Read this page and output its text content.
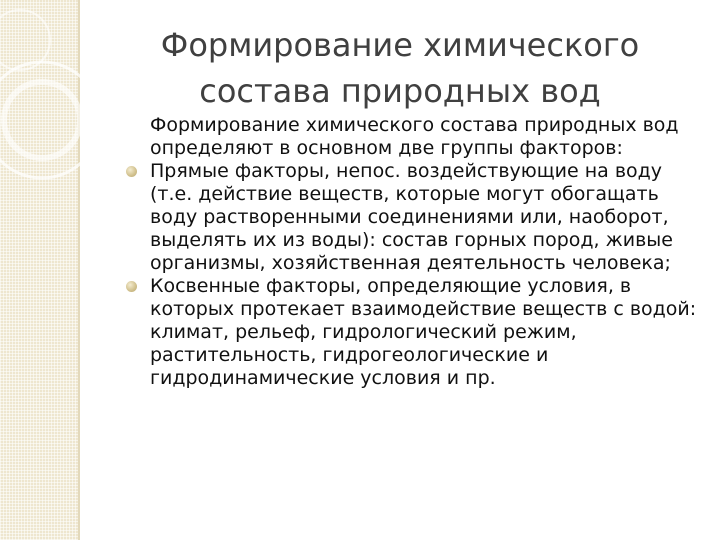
Формирование химического
состава природных вод

Формирование химического состава природных вод определяют в основном две группы факторов:

Прямые факторы, непос. воздействующие на воду (т.е. действие веществ, которые могут обогащать воду растворенными соединениями или, наоборот, выделять их из воды): состав горных пород, живые организмы, хозяйственная деятельность человека;
Косвенные факторы, определяющие условия, в которых протекает взаимодействие веществ с водой: климат, рельеф, гидрологический режим, растительность, гидрогеологические и гидродинамические условия и пр.
